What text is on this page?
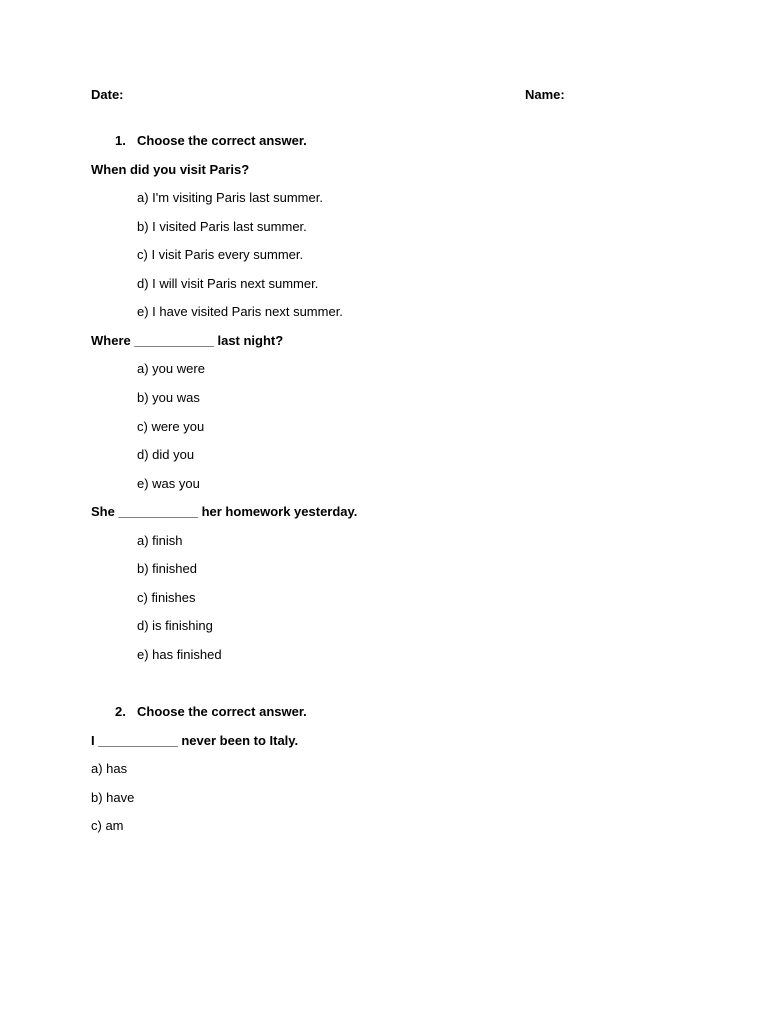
Date:	Name:
1. Choose the correct answer.
When did you visit Paris?
a) I'm visiting Paris last summer.
b) I visited Paris last summer.
c) I visit Paris every summer.
d) I will visit Paris next summer.
e) I have visited Paris next summer.
Where ___________ last night?
a) you were
b) you was
c) were you
d) did you
e) was you
She ___________ her homework yesterday.
a) finish
b) finished
c) finishes
d) is finishing
e) has finished
2. Choose the correct answer.
I ___________ never been to Italy.
a) has
b) have
c) am
